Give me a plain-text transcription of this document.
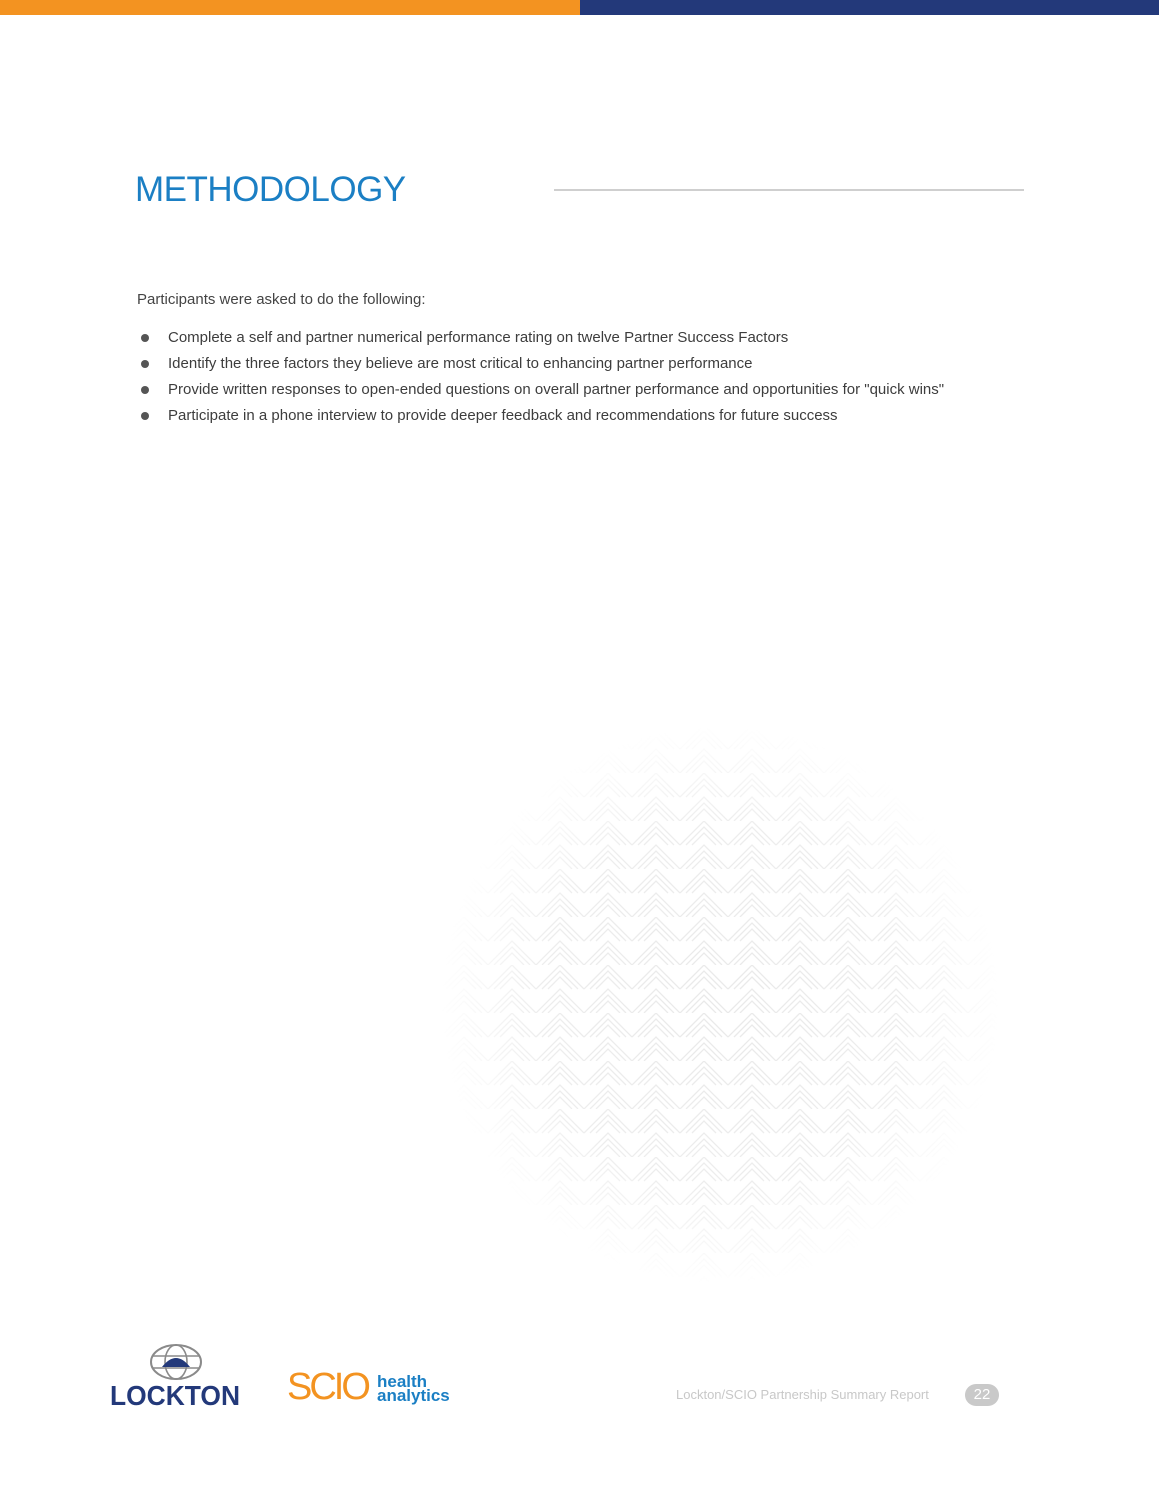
METHODOLOGY
Participants were asked to do the following:
Complete a self and partner numerical performance rating on twelve Partner Success Factors
Identify the three factors they believe are most critical to enhancing partner performance
Provide written responses to open-ended questions on overall partner performance and opportunities for "quick wins"
Participate in a phone interview to provide deeper feedback and recommendations for future success
LOCKTON SCIO health
analytics	Lockton/SCIO Partnership Summary Report	22
